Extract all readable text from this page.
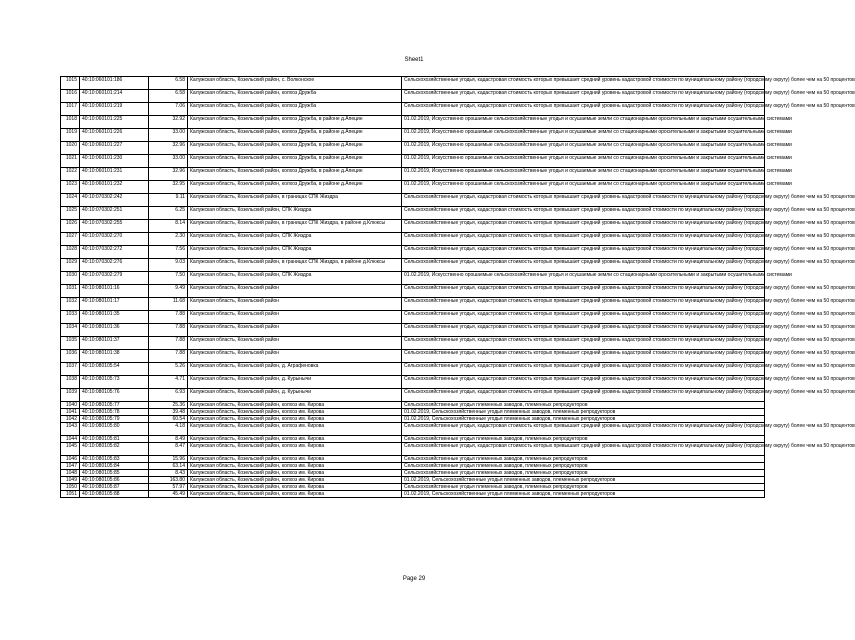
Sheet1
1015	40:10:060101:186	6.58	Калужская область, Козельский район, с. Волконское	Сельскохозяйственные угодья, кадастровая стоимость которых превышает средний уровень кадастровой стоимости по муниципальному району (городскому округу) более чем на 50 процентов
1016	40:10:060101:214	6.58	Калужская область, Козельский район, колхоз Дружба	Сельскохозяйственные угодья, кадастровая стоимость которых превышает средний уровень кадастровой стоимости по муниципальному району (городскому округу) более чем на 50 процентов
1017	40:10:060101:219	7.06	Калужская область, Козельский район, колхоз Дружба	Сельскохозяйственные угодья, кадастровая стоимость которых превышает средний уровень кадастровой стоимости по муниципальному району (городскому округу) более чем на 50 процентов
1018	40:10:060101:225	32.92	Калужская область, Козельский район, колхоз Дружба, в районе д.Апецин	01.02.2019, Искусственно орошаемые сельскохозяйственные угодья и осушаемые земли со стационарными оросительными и закрытыми осушительными системами
1019	40:10:060101:226	33.00	Калужская область, Козельский район, колхоз Дружба, в районе д.Апецин	01.02.2019, Искусственно орошаемые сельскохозяйственные угодья и осушаемые земли со стационарными оросительными и закрытыми осушительными системами
1020	40:10:060101:227	32.96	Калужская область, Козельский район, колхоз Дружба, в районе д.Апецин	01.02.2019, Искусственно орошаемые сельскохозяйственные угодья и осушаемые земли со стационарными оросительными и закрытыми осушительными системами
1021	40:10:060101:230	33.00	Калужская область, Козельский район, колхоз Дружба, в районе д.Апецин	01.02.2019, Искусственно орошаемые сельскохозяйственные угодья и осушаемые земли со стационарными оросительными и закрытыми осушительными системами
1022	40:10:060101:231	32.96	Калужская область, Козельский район, колхоз Дружба, в районе д.Апецин	01.02.2019, Искусственно орошаемые сельскохозяйственные угодья и осушаемые земли со стационарными оросительными и закрытыми осушительными системами
1023	40:10:060101:232	32.95	Калужская область, Козельский район, колхоз Дружба, в районе д.Апецин	01.02.2019, Искусственно орошаемые сельскохозяйственные угодья и осушаемые земли со стационарными оросительными и закрытыми осушительными системами
1024	40:10:070302:242	9.11	Калужская область, Козельский район, в границах СПК Жиздра	Сельскохозяйственные угодья, кадастровая стоимость которых превышает средний уровень кадастровой стоимости по муниципальному району (городскому округу) более чем на 50 процентов
1025	40:10:070302:251	6.25	Калужская область, Козельский район, СПК Жиздра	Сельскохозяйственные угодья, кадастровая стоимость которых превышает средний уровень кадастровой стоимости по муниципальному району (городскому округу) более чем на 50 процентов
1026	40:10:070302:255	8.14	Калужская область, Козельский район, в границах СПК Жиздра, в районе д.Клюксы	Сельскохозяйственные угодья, кадастровая стоимость которых превышает средний уровень кадастровой стоимости по муниципальному району (городскому округу) более чем на 50 процентов
1027	40:10:070302:270	2.30	Калужская область, Козельский район, СПК Жиздра	Сельскохозяйственные угодья, кадастровая стоимость которых превышает средний уровень кадастровой стоимости по муниципальному району (городскому округу) более чем на 50 процентов
1028	40:10:070302:272	7.56	Калужская область, Козельский район, СПК Жиздра	Сельскохозяйственные угодья, кадастровая стоимость которых превышает средний уровень кадастровой стоимости по муниципальному району (городскому округу) более чем на 50 процентов
1029	40:10:070302:276	9.03	Калужская область, Козельский район, в границах СПК Жиздра, в районе д.Клюксы	Сельскохозяйственные угодья, кадастровая стоимость которых превышает средний уровень кадастровой стоимости по муниципальному району (городскому округу) более чем на 50 процентов
1030	40:10:070302:279	7.50	Калужская область, Козельский район, СПК Жиздра	01.02.2019, Искусственно орошаемые сельскохозяйственные угодья и осушаемые земли со стационарными оросительными и закрытыми осушительными системами
1031	40:10:080101:16	9.49	Калужская область, Козельский район	Сельскохозяйственные угодья, кадастровая стоимость которых превышает средний уровень кадастровой стоимости по муниципальному району (городскому округу) более чем на 50 процентов
1032	40:10:080101:17	11.68	Калужская область, Козельский район	Сельскохозяйственные угодья, кадастровая стоимость которых превышает средний уровень кадастровой стоимости по муниципальному району (городскому округу) более чем на 50 процентов
1033	40:10:080101:35	7.88	Калужская область, Козельский район	Сельскохозяйственные угодья, кадастровая стоимость которых превышает средний уровень кадастровой стоимости по муниципальному району (городскому округу) более чем на 50 процентов
1034	40:10:080101:36	7.88	Калужская область, Козельский район	Сельскохозяйственные угодья, кадастровая стоимость которых превышает средний уровень кадастровой стоимости по муниципальному району (городскому округу) более чем на 50 процентов
1035	40:10:080101:37	7.88	Калужская область, Козельский район	Сельскохозяйственные угодья, кадастровая стоимость которых превышает средний уровень кадастровой стоимости по муниципальному району (городскому округу) более чем на 50 процентов
1036	40:10:080101:38	7.88	Калужская область, Козельский район	Сельскохозяйственные угодья, кадастровая стоимость которых превышает средний уровень кадастровой стоимости по муниципальному району (городскому округу) более чем на 50 процентов
1037	40:10:080105:54	5.26	Калужская область, Козельский район, д. Аграфеновка	Сельскохозяйственные угодья, кадастровая стоимость которых превышает средний уровень кадастровой стоимости по муниципальному району (городскому округу) более чем на 50 процентов
1038	40:10:080105:73	4.71	Калужская область, Козельский район, д. Курынычи	Сельскохозяйственные угодья, кадастровая стоимость которых превышает средний уровень кадастровой стоимости по муниципальному району (городскому округу) более чем на 50 процентов
1039	40:10:080105:76	6.93	Калужская область, Козельский район, д. Курынычи	Сельскохозяйственные угодья, кадастровая стоимость которых превышает средний уровень кадастровой стоимости по муниципальному району (городскому округу) более чем на 50 процентов
1040	40:10:080105:77	25.36	Калужская область, Козельский район, колхоз им. Кирова	Сельскохозяйственные угодья племенных заводов, племенных репродукторов
1041	40:10:080105:78	39.48	Калужская область, Козельский район, колхоз им. Кирова	01.02.2019, Сельскохозяйственные угодья племенных заводов, племенных репродукторов
1042	40:10:080105:79	60.54	Калужская область, Козельский район, колхоз им. Кирова	01.02.2019, Сельскохозяйственные угодья племенных заводов, племенных репродукторов
1043	40:10:080105:80	4.18	Калужская область, Козельский район, колхоз им. Кирова	Сельскохозяйственные угодья, кадастровая стоимость которых превышает средний уровень кадастровой стоимости по муниципальному району (городскому округу) более чем на 50 процентов
1044	40:10:080105:81	8.49	Калужская область, Козельский район, колхоз им. Кирова	Сельскохозяйственные угодья племенных заводов, племенных репродукторов
1045	40:10:080105:82	8.47	Калужская область, Козельский район, колхоз им. Кирова	Сельскохозяйственные угодья, кадастровая стоимость которых превышает средний уровень кадастровой стоимости по муниципальному району (городскому округу) более чем на 50 процентов
1046	40:10:080105:83	15.96	Калужская область, Козельский район, колхоз им. Кирова	Сельскохозяйственные угодья племенных заводов, племенных репродукторов
1047	40:10:080105:84	63.14	Калужская область, Козельский район, колхоз им. Кирова	Сельскохозяйственные угодья племенных заводов, племенных репродукторов
1048	40:10:080105:85	8.43	Калужская область, Козельский район, колхоз им. Кирова	Сельскохозяйственные угодья племенных заводов, племенных репродукторов
1049	40:10:080105:86	163.80	Калужская область, Козельский район, колхоз им. Кирова	01.02.2019, Сельскохозяйственные угодья племенных заводов, племенных репродукторов
1050	40:10:080105:87	57.97	Калужская область, Козельский район, колхоз им. Кирова	Сельскохозяйственные угодья племенных заводов, племенных репродукторов
1051	40:10:080105:88	45.49	Калужская область, Козельский район, колхоз им. Кирова	01.02.2019, Сельскохозяйственные угодья племенных заводов, племенных репродукторов
Page 29
